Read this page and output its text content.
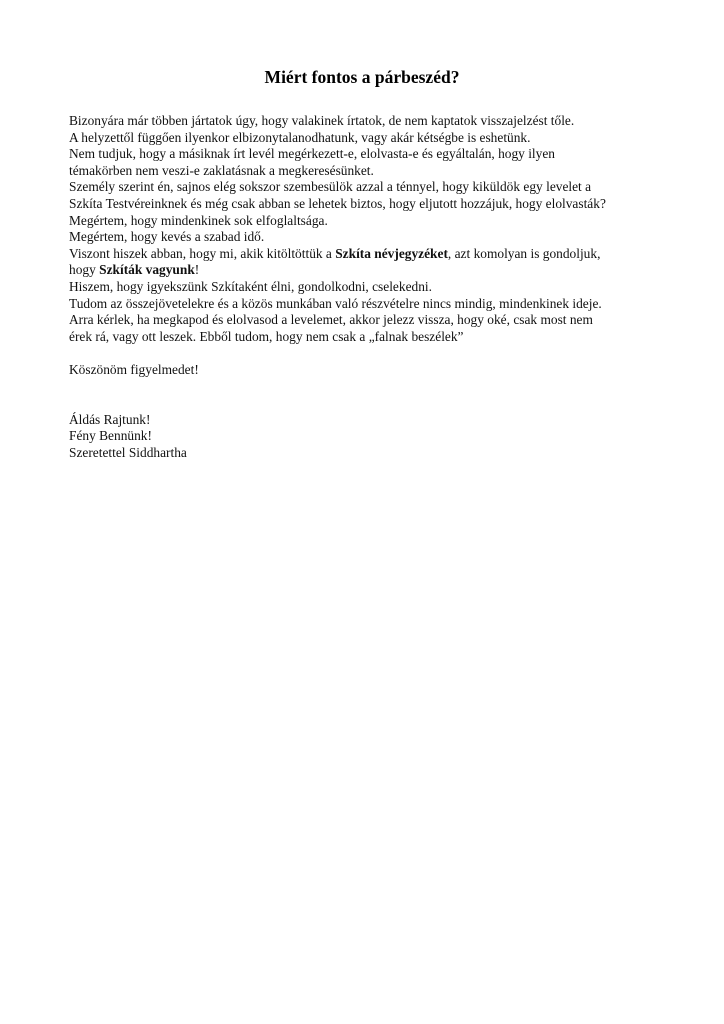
Miért fontos a párbeszéd?
Bizonyára már többen jártatok úgy, hogy valakinek írtatok, de nem kaptatok visszajelzést tőle.
A helyzettől függően ilyenkor elbizonytalanodhatunk, vagy akár kétségbe is eshetünk.
Nem tudjuk, hogy a másiknak írt levél megérkezett-e, elolvasta-e és egyáltalán, hogy ilyen
témakörben nem veszi-e zaklatásnak a megkeresésünket.
Személy szerint én, sajnos elég sokszor szembesülök azzal a ténnyel, hogy kiküldök egy levelet a
Szkíta Testvéreinknek és még csak abban se lehetek biztos, hogy eljutott hozzájuk, hogy elolvasták?
Megértem, hogy mindenkinek sok elfoglaltsága.
Megértem, hogy kevés a szabad idő.
Viszont hiszek abban, hogy mi, akik kitöltöttük a Szkíta névjegyzéket, azt komolyan is gondoljuk,
hogy Szkíták vagyunk!
Hiszem, hogy igyekszünk Szkítaként élni, gondolkodni, cselekedni.
Tudom az összejövetelekre és a közös munkában való részvételre nincs mindig, mindenkinek ideje.
Arra kérlek, ha megkapod és elolvasod a levelemet, akkor jelezz vissza, hogy oké, csak most nem
érek rá, vagy ott leszek. Ebből tudom, hogy nem csak a „falnak beszélek”
Köszönöm figyelmedet!
Áldás Rajtunk!
Fény Bennünk!
Szeretettel Siddhartha
